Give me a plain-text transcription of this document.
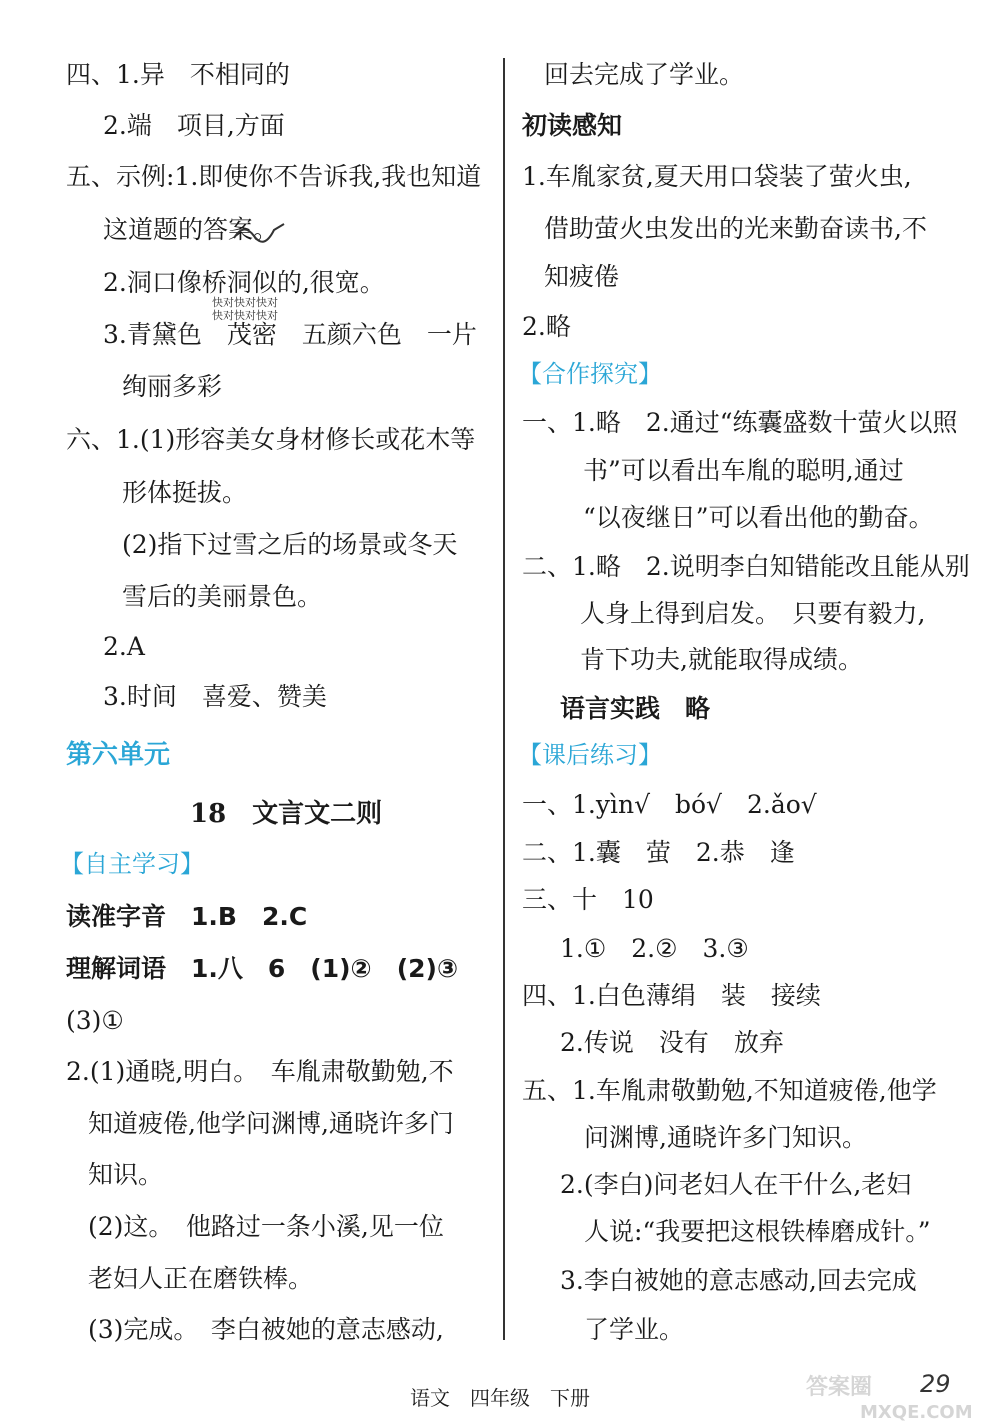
四、1.异　不相同的
2.端　项目,方面
五、示例:1.即使你不告诉我,我也知道
这道题的答案。
2.洞口像桥洞似的,很宽。
3.青黛色　茂密　五颜六色　一片
绚丽多彩
六、1.(1)形容美女身材修长或花木等
形体挺拔。
(2)指下过雪之后的场景或冬天
雪后的美丽景色。
2.A
3.时间　喜爱、赞美
快对快对快对
快对快对快对
第六单元
18　文言文二则
【自主学习】
读准字音　1.B　2.C
理解词语　1.八　6　(1)②　(2)③
(3)①
2.(1)通晓,明白。　车胤肃敬勤勉,不
知道疲倦,他学问渊博,通晓许多门
知识。
(2)这。　他路过一条小溪,见一位
老妇人正在磨铁棒。
(3)完成。　李白被她的意志感动,
回去完成了学业。
初读感知
1.车胤家贫,夏天用口袋装了萤火虫,
借助萤火虫发出的光来勤奋读书,不
知疲倦
2.略
【合作探究】
一、1.略　2.通过“练囊盛数十萤火以照
书”可以看出车胤的聪明,通过
“以夜继日”可以看出他的勤奋。
二、1.略　2.说明李白知错能改且能从别
人身上得到启发。　只要有毅力,
肯下功夫,就能取得成绩。
语言实践　略
【课后练习】
一、1.yìn√　bó√　2.ǎo√
二、1.囊　萤　2.恭　逢
三、十　10
1.①　2.②　3.③
四、1.白色薄绢　装　接续
2.传说　没有　放弃
五、1.车胤肃敬勤勉,不知道疲倦,他学
问渊博,通晓许多门知识。
2.(李白)问老妇人在干什么,老妇
人说:“我要把这根铁棒磨成针。”
3.李白被她的意志感动,回去完成
了学业。
语文　四年级　下册	29
答案圈
MXQE.COM
